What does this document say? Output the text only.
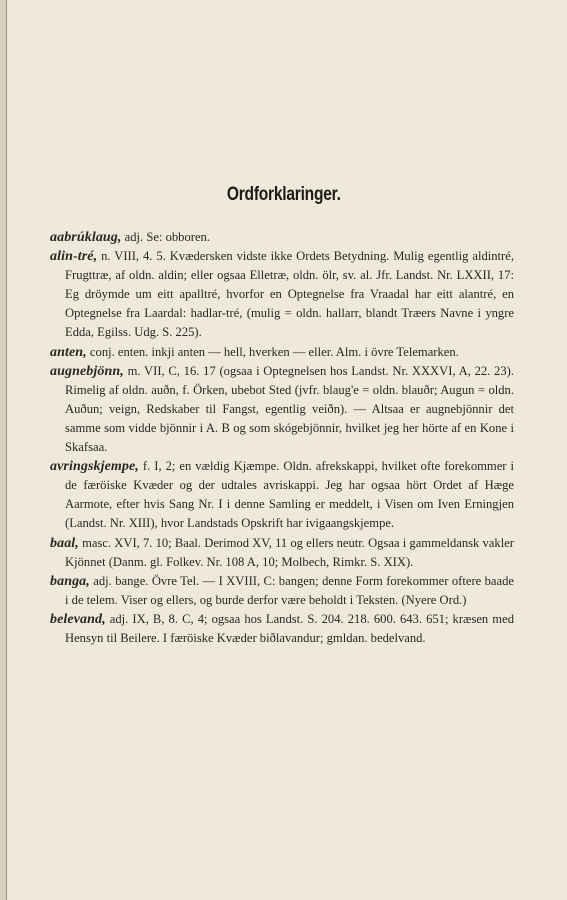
Ordforklaringer.

aabrúklaug, adj. Se: obboren.

alin-tré, n. VIII, 4. 5. Kvædersken vidste ikke Ordets Betydning. Mulig egentlig aldintré, Frugttræ, af oldn. aldin; eller ogsaa Elletræ, oldn. ölr, sv. al. Jfr. Landst. Nr. LXXII, 17: Eg dröymde um eitt apalltré, hvorfor en Optegnelse fra Vraadal har eitt alantré, en Optegnelse fra Laardal: hadlar-tré, (mulig = oldn. hallarr, blandt Træers Navne i yngre Edda, Egilss. Udg. S. 225).

anten, conj. enten. inkji anten — hell, hverken — eller. Alm. i övre Telemarken.

augnebjönn, m. VII, C, 16. 17 (ogsaa i Optegnelsen hos Landst. Nr. XXXVI, A, 22. 23). Rimelig af oldn. auðn, f. Örken, ubebot Sted (jvfr. blaug'e = oldn. blauðr; Augun = oldn. Auðun; veign, Redskaber til Fangst, egentlig veiðn). — Altsaa er augnebjönnir det samme som vidde bjönnir i A. B og som skógebjönnir, hvilket jeg her hörte af en Kone i Skafsaa.

avringskjempe, f. I, 2; en vældig Kjæmpe. Oldn. afrekskappi, hvilket ofte forekommer i de færöiske Kvæder og der udtales avriskappi. Jeg har ogsaa hört Ordet af Hæge Aarmote, efter hvis Sang Nr. I i denne Samling er meddelt, i Visen om Iven Erningjen (Landst. Nr. XIII), hvor Landstads Opskrift har ivigaangskjempe.

baal, masc. XVI, 7. 10; Baal. Derimod XV, 11 og ellers neutr. Ogsaa i gammeldansk vakler Kjönnet (Danm. gl. Folkev. Nr. 108 A, 10; Molbech, Rimkr. S. XIX).

banga, adj. bange. Övre Tel. — I XVIII, C: bangen; denne Form forekommer oftere baade i de telem. Viser og ellers, og burde derfor være beholdt i Teksten. (Nyere Ord.)

belevand, adj. IX, B, 8. C, 4; ogsaa hos Landst. S. 204. 218. 600. 643. 651; kræsen med Hensyn til Beilere. I færöiske Kvæder biðlavandur; gmldan. bedelvand.
